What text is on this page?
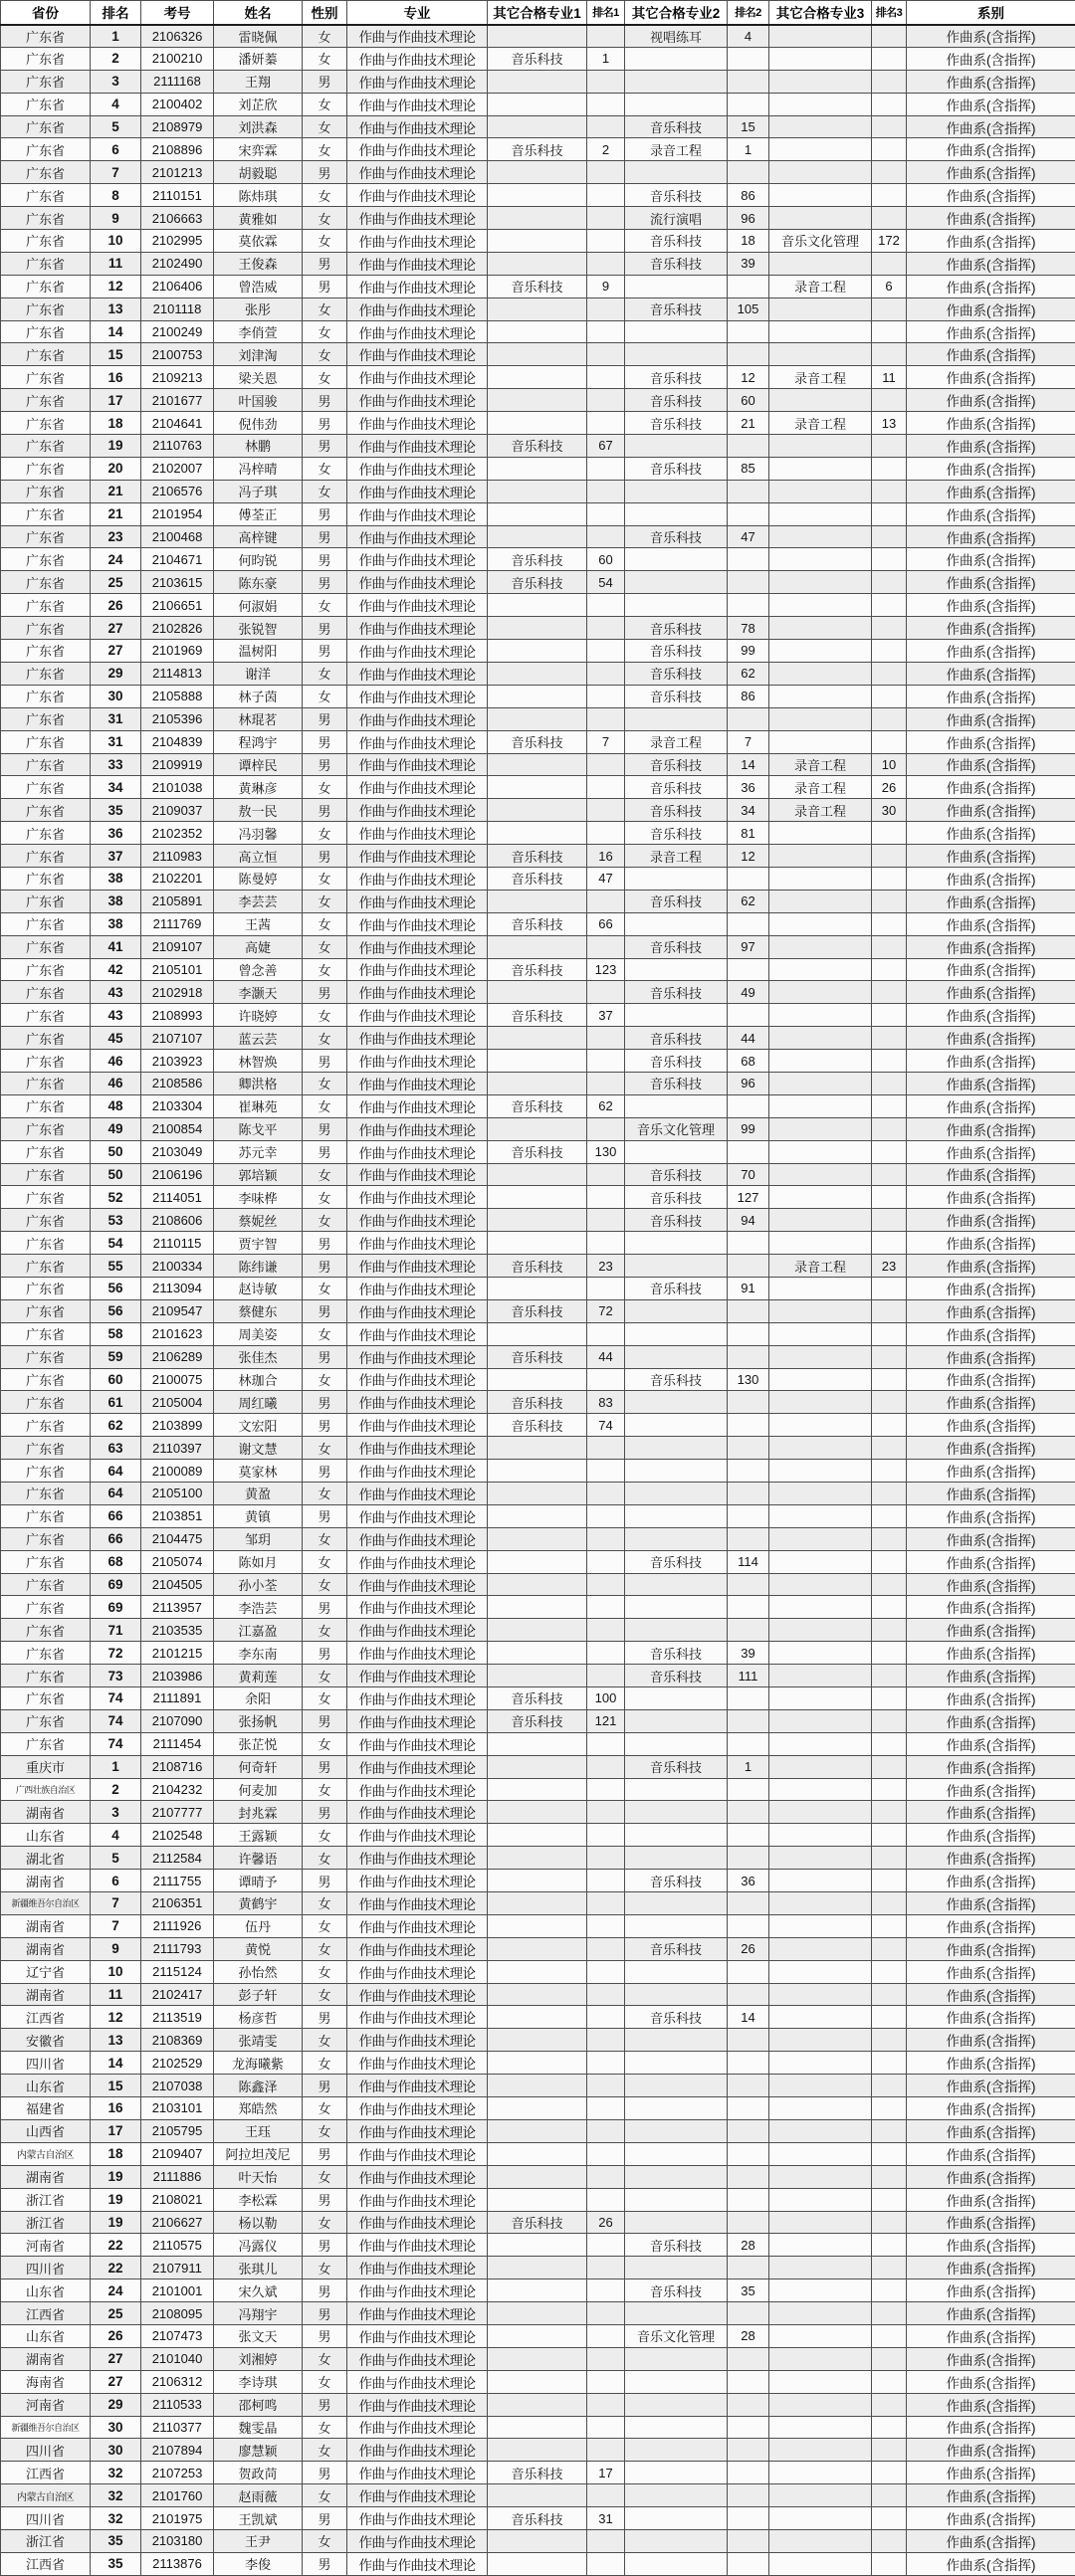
省份	排名	考号	姓名	性别	专业	其它合格专业1	排名1	其它合格专业2	排名2	其它合格专业3	排名3	系别
广东省	1	2106326	雷晓佩	女	作曲与作曲技术理论			视唱练耳	4			作曲系(含指挥)
广东省	2	2100210	潘妍蓁	女	作曲与作曲技术理论	音乐科技	1					作曲系(含指挥)
广东省	3	2111168	王翔	男	作曲与作曲技术理论							作曲系(含指挥)
广东省	4	2100402	刘芷欣	女	作曲与作曲技术理论							作曲系(含指挥)
广东省	5	2108979	刘洪森	女	作曲与作曲技术理论			音乐科技	15			作曲系(含指挥)
广东省	6	2108896	宋弈霖	女	作曲与作曲技术理论	音乐科技	2	录音工程	1			作曲系(含指挥)
广东省	7	2101213	胡毅聪	男	作曲与作曲技术理论							作曲系(含指挥)
广东省	8	2110151	陈炜琪	女	作曲与作曲技术理论			音乐科技	86			作曲系(含指挥)
广东省	9	2106663	黄雅如	女	作曲与作曲技术理论			流行演唱	96			作曲系(含指挥)
广东省	10	2102995	莫依霖	女	作曲与作曲技术理论			音乐科技	18	音乐文化管理	172	作曲系(含指挥)
广东省	11	2102490	王俊森	男	作曲与作曲技术理论			音乐科技	39			作曲系(含指挥)
广东省	12	2106406	曾浩威	男	作曲与作曲技术理论	音乐科技	9			录音工程	6	作曲系(含指挥)
广东省	13	2101118	张彤	女	作曲与作曲技术理论			音乐科技	105			作曲系(含指挥)
广东省	14	2100249	李俏萱	女	作曲与作曲技术理论							作曲系(含指挥)
广东省	15	2100753	刘津淘	女	作曲与作曲技术理论							作曲系(含指挥)
广东省	16	2109213	梁关恩	女	作曲与作曲技术理论			音乐科技	12	录音工程	11	作曲系(含指挥)
广东省	17	2101677	叶国骏	男	作曲与作曲技术理论			音乐科技	60			作曲系(含指挥)
广东省	18	2104641	倪伟劲	男	作曲与作曲技术理论			音乐科技	21	录音工程	13	作曲系(含指挥)
广东省	19	2110763	林鹏	男	作曲与作曲技术理论	音乐科技	67					作曲系(含指挥)
广东省	20	2102007	冯梓晴	女	作曲与作曲技术理论			音乐科技	85			作曲系(含指挥)
广东省	21	2106576	冯子琪	女	作曲与作曲技术理论							作曲系(含指挥)
广东省	21	2101954	傅荃正	男	作曲与作曲技术理论							作曲系(含指挥)
广东省	23	2100468	高梓键	男	作曲与作曲技术理论			音乐科技	47			作曲系(含指挥)
广东省	24	2104671	何昀锐	男	作曲与作曲技术理论	音乐科技	60					作曲系(含指挥)
广东省	25	2103615	陈东豪	男	作曲与作曲技术理论	音乐科技	54					作曲系(含指挥)
广东省	26	2106651	何淑娟	女	作曲与作曲技术理论							作曲系(含指挥)
广东省	27	2102826	张锐智	男	作曲与作曲技术理论			音乐科技	78			作曲系(含指挥)
广东省	27	2101969	温树阳	男	作曲与作曲技术理论			音乐科技	99			作曲系(含指挥)
广东省	29	2114813	谢洋	女	作曲与作曲技术理论			音乐科技	62			作曲系(含指挥)
广东省	30	2105888	林子茵	女	作曲与作曲技术理论			音乐科技	86			作曲系(含指挥)
广东省	31	2105396	林琨茗	男	作曲与作曲技术理论							作曲系(含指挥)
广东省	31	2104839	程鸿宇	男	作曲与作曲技术理论	音乐科技	7	录音工程	7			作曲系(含指挥)
广东省	33	2109919	谭梓民	男	作曲与作曲技术理论			音乐科技	14	录音工程	10	作曲系(含指挥)
广东省	34	2101038	黄琳彦	女	作曲与作曲技术理论			音乐科技	36	录音工程	26	作曲系(含指挥)
广东省	35	2109037	敖一民	男	作曲与作曲技术理论			音乐科技	34	录音工程	30	作曲系(含指挥)
广东省	36	2102352	冯羽馨	女	作曲与作曲技术理论			音乐科技	81			作曲系(含指挥)
广东省	37	2110983	高立恒	男	作曲与作曲技术理论	音乐科技	16	录音工程	12			作曲系(含指挥)
广东省	38	2102201	陈曼婷	女	作曲与作曲技术理论	音乐科技	47					作曲系(含指挥)
广东省	38	2105891	李芸芸	女	作曲与作曲技术理论			音乐科技	62			作曲系(含指挥)
广东省	38	2111769	王茜	女	作曲与作曲技术理论	音乐科技	66					作曲系(含指挥)
广东省	41	2109107	高婕	女	作曲与作曲技术理论			音乐科技	97			作曲系(含指挥)
广东省	42	2105101	曾念善	女	作曲与作曲技术理论	音乐科技	123					作曲系(含指挥)
广东省	43	2102918	李灏天	男	作曲与作曲技术理论			音乐科技	49			作曲系(含指挥)
广东省	43	2108993	许晓婷	女	作曲与作曲技术理论	音乐科技	37					作曲系(含指挥)
广东省	45	2107107	蓝云芸	女	作曲与作曲技术理论			音乐科技	44			作曲系(含指挥)
广东省	46	2103923	林智焕	男	作曲与作曲技术理论			音乐科技	68			作曲系(含指挥)
广东省	46	2108586	卿洪格	女	作曲与作曲技术理论			音乐科技	96			作曲系(含指挥)
广东省	48	2103304	崔琳苑	女	作曲与作曲技术理论	音乐科技	62					作曲系(含指挥)
广东省	49	2100854	陈戈平	男	作曲与作曲技术理论			音乐文化管理	99			作曲系(含指挥)
广东省	50	2103049	苏元幸	男	作曲与作曲技术理论	音乐科技	130					作曲系(含指挥)
广东省	50	2106196	郭培颖	女	作曲与作曲技术理论			音乐科技	70			作曲系(含指挥)
广东省	52	2114051	李味桦	女	作曲与作曲技术理论			音乐科技	127			作曲系(含指挥)
广东省	53	2108606	蔡妮丝	女	作曲与作曲技术理论			音乐科技	94			作曲系(含指挥)
广东省	54	2110115	贾宇智	男	作曲与作曲技术理论							作曲系(含指挥)
广东省	55	2100334	陈纬谦	男	作曲与作曲技术理论	音乐科技	23			录音工程	23	作曲系(含指挥)
广东省	56	2113094	赵诗敏	女	作曲与作曲技术理论			音乐科技	91			作曲系(含指挥)
广东省	56	2109547	蔡健东	男	作曲与作曲技术理论	音乐科技	72					作曲系(含指挥)
广东省	58	2101623	周美姿	女	作曲与作曲技术理论							作曲系(含指挥)
广东省	59	2106289	张佳杰	男	作曲与作曲技术理论	音乐科技	44					作曲系(含指挥)
广东省	60	2100075	林珈合	女	作曲与作曲技术理论			音乐科技	130			作曲系(含指挥)
广东省	61	2105004	周红曦	男	作曲与作曲技术理论	音乐科技	83					作曲系(含指挥)
广东省	62	2103899	文宏阳	男	作曲与作曲技术理论	音乐科技	74					作曲系(含指挥)
广东省	63	2110397	谢文慧	女	作曲与作曲技术理论							作曲系(含指挥)
广东省	64	2100089	莫家林	男	作曲与作曲技术理论							作曲系(含指挥)
广东省	64	2105100	黄盈	女	作曲与作曲技术理论							作曲系(含指挥)
广东省	66	2103851	黄镇	男	作曲与作曲技术理论							作曲系(含指挥)
广东省	66	2104475	邹玥	女	作曲与作曲技术理论							作曲系(含指挥)
广东省	68	2105074	陈如月	女	作曲与作曲技术理论			音乐科技	114			作曲系(含指挥)
广东省	69	2104505	孙小荃	女	作曲与作曲技术理论							作曲系(含指挥)
广东省	69	2113957	李浩芸	男	作曲与作曲技术理论							作曲系(含指挥)
广东省	71	2103535	江嘉盈	女	作曲与作曲技术理论							作曲系(含指挥)
广东省	72	2101215	李东南	男	作曲与作曲技术理论			音乐科技	39			作曲系(含指挥)
广东省	73	2103986	黄莉莲	女	作曲与作曲技术理论			音乐科技	111			作曲系(含指挥)
广东省	74	2111891	余阳	女	作曲与作曲技术理论	音乐科技	100					作曲系(含指挥)
广东省	74	2107090	张扬帆	男	作曲与作曲技术理论	音乐科技	121					作曲系(含指挥)
广东省	74	2111454	张芷悦	女	作曲与作曲技术理论							作曲系(含指挥)
重庆市	1	2108716	何奇轩	男	作曲与作曲技术理论			音乐科技	1			作曲系(含指挥)
广西壮族自治区	2	2104232	何麦加	女	作曲与作曲技术理论							作曲系(含指挥)
湖南省	3	2107777	封兆霖	男	作曲与作曲技术理论							作曲系(含指挥)
山东省	4	2102548	王露颖	女	作曲与作曲技术理论							作曲系(含指挥)
湖北省	5	2112584	许馨语	女	作曲与作曲技术理论							作曲系(含指挥)
湖南省	6	2111755	谭晴予	男	作曲与作曲技术理论			音乐科技	36			作曲系(含指挥)
新疆维吾尔自治区	7	2106351	黄鹤宇	女	作曲与作曲技术理论							作曲系(含指挥)
湖南省	7	2111926	伍丹	女	作曲与作曲技术理论							作曲系(含指挥)
湖南省	9	2111793	黄悦	女	作曲与作曲技术理论			音乐科技	26			作曲系(含指挥)
辽宁省	10	2115124	孙怡然	女	作曲与作曲技术理论							作曲系(含指挥)
湖南省	11	2102417	彭子轩	女	作曲与作曲技术理论							作曲系(含指挥)
江西省	12	2113519	杨彦哲	男	作曲与作曲技术理论			音乐科技	14			作曲系(含指挥)
安徽省	13	2108369	张靖雯	女	作曲与作曲技术理论							作曲系(含指挥)
四川省	14	2102529	龙海曦紫	女	作曲与作曲技术理论							作曲系(含指挥)
山东省	15	2107038	陈鑫泽	男	作曲与作曲技术理论							作曲系(含指挥)
福建省	16	2103101	郑皓然	女	作曲与作曲技术理论							作曲系(含指挥)
山西省	17	2105795	王珏	女	作曲与作曲技术理论							作曲系(含指挥)
内蒙古自治区	18	2109407	阿拉坦茂尼	男	作曲与作曲技术理论							作曲系(含指挥)
湖南省	19	2111886	叶天怡	女	作曲与作曲技术理论							作曲系(含指挥)
浙江省	19	2108021	李松霖	男	作曲与作曲技术理论							作曲系(含指挥)
浙江省	19	2106627	杨以勒	女	作曲与作曲技术理论	音乐科技	26					作曲系(含指挥)
河南省	22	2110575	冯露仪	男	作曲与作曲技术理论			音乐科技	28			作曲系(含指挥)
四川省	22	2107911	张琪儿	女	作曲与作曲技术理论							作曲系(含指挥)
山东省	24	2101001	宋久斌	男	作曲与作曲技术理论			音乐科技	35			作曲系(含指挥)
江西省	25	2108095	冯翔宇	男	作曲与作曲技术理论							作曲系(含指挥)
山东省	26	2107473	张文天	男	作曲与作曲技术理论			音乐文化管理	28			作曲系(含指挥)
湖南省	27	2101040	刘湘婷	女	作曲与作曲技术理论							作曲系(含指挥)
海南省	27	2106312	李诗琪	女	作曲与作曲技术理论							作曲系(含指挥)
河南省	29	2110533	邵柯鸣	男	作曲与作曲技术理论							作曲系(含指挥)
新疆维吾尔自治区	30	2110377	魏雯晶	女	作曲与作曲技术理论							作曲系(含指挥)
四川省	30	2107894	廖慧颖	女	作曲与作曲技术理论							作曲系(含指挥)
江西省	32	2107253	贺政苘	男	作曲与作曲技术理论	音乐科技	17					作曲系(含指挥)
内蒙古自治区	32	2101760	赵雨薇	女	作曲与作曲技术理论							作曲系(含指挥)
四川省	32	2101975	王凯斌	男	作曲与作曲技术理论	音乐科技	31					作曲系(含指挥)
浙江省	35	2103180	王尹	女	作曲与作曲技术理论							作曲系(含指挥)
江西省	35	2113876	李俊	男	作曲与作曲技术理论							作曲系(含指挥)
